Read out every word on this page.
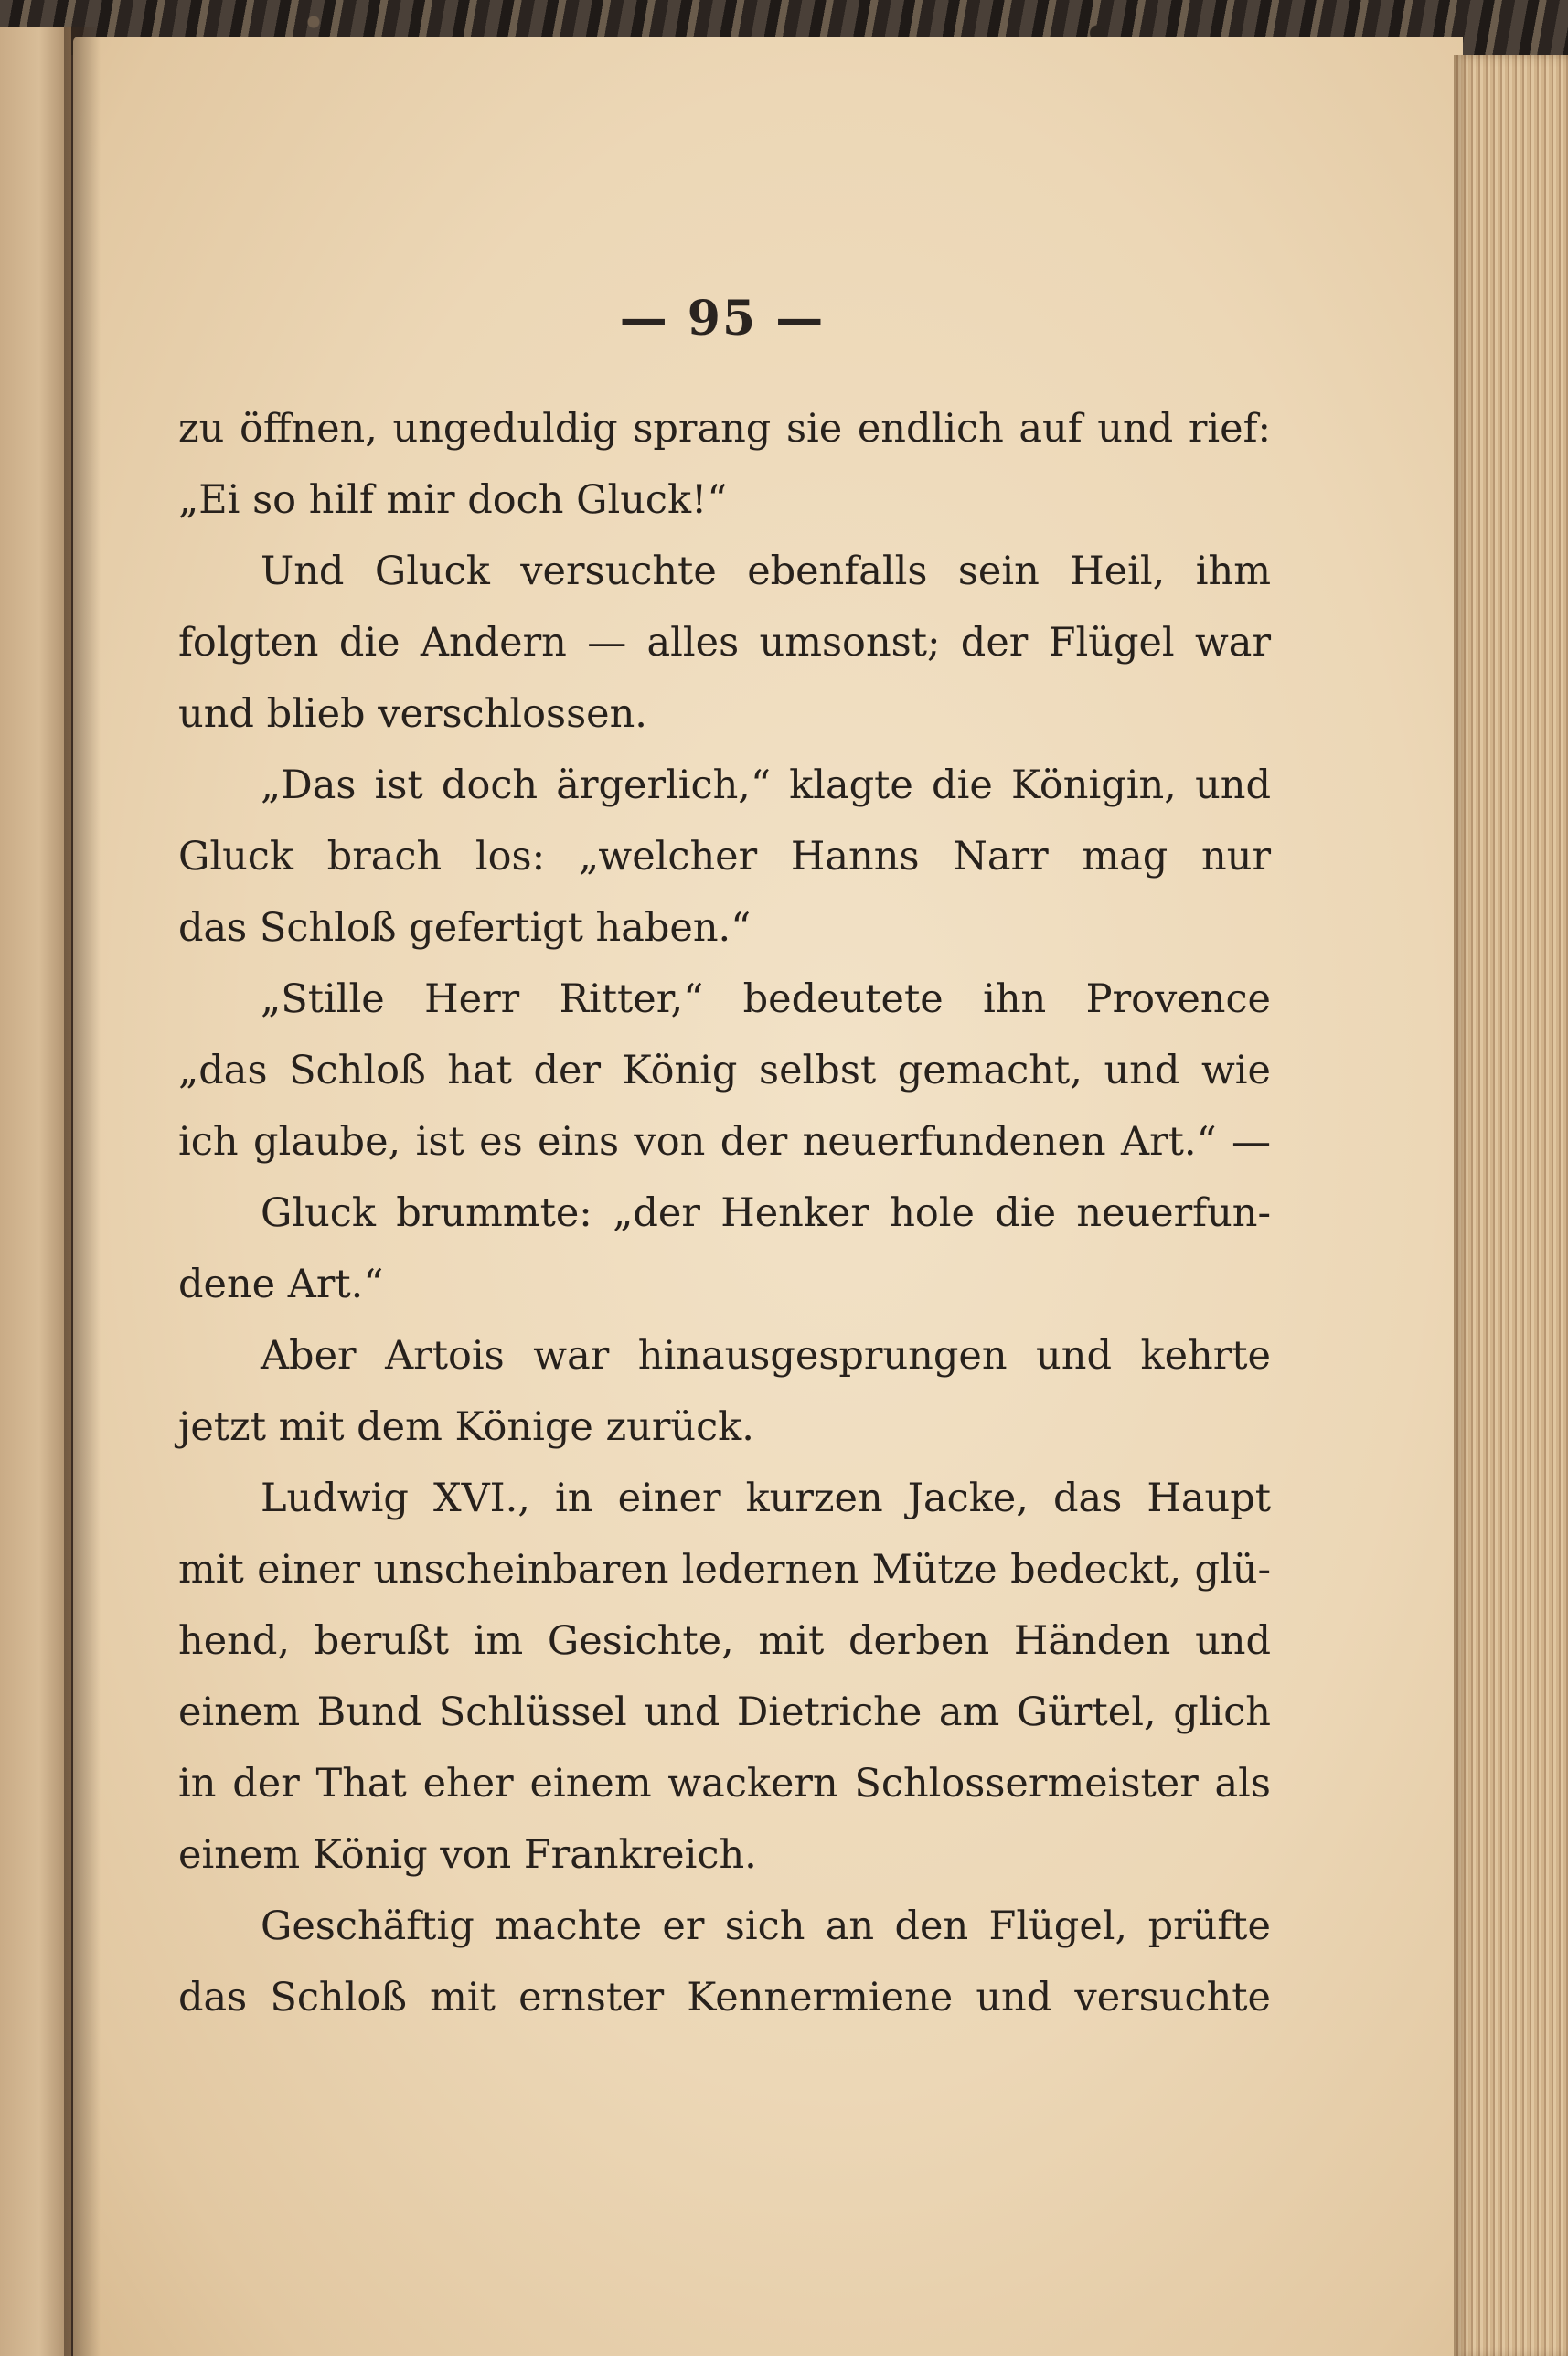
— 95 —
zu öffnen, ungeduldig sprang sie endlich auf und rief:
„Ei so hilf mir doch Gluck!“
Und Gluck versuchte ebenfalls sein Heil, ihm
folgten die Andern — alles umsonst; der Flügel war
und blieb verschlossen.
„Das ist doch ärgerlich,“ klagte die Königin, und
Gluck brach los: „welcher Hanns Narr mag nur
das Schloß gefertigt haben.“
„Stille Herr Ritter,“ bedeutete ihn Provence
„das Schloß hat der König selbst gemacht, und wie
ich glaube, ist es eins von der neuerfundenen Art.“ —
Gluck brummte: „der Henker hole die neuerfun-
dene Art.“
Aber Artois war hinausgesprungen und kehrte
jetzt mit dem Könige zurück.
Ludwig XVI., in einer kurzen Jacke, das Haupt
mit einer unscheinbaren ledernen Mütze bedeckt, glü-
hend, berußt im Gesichte, mit derben Händen und
einem Bund Schlüssel und Dietriche am Gürtel, glich
in der That eher einem wackern Schlossermeister als
einem König von Frankreich.
Geschäftig machte er sich an den Flügel, prüfte
das Schloß mit ernster Kennermiene und versuchte
